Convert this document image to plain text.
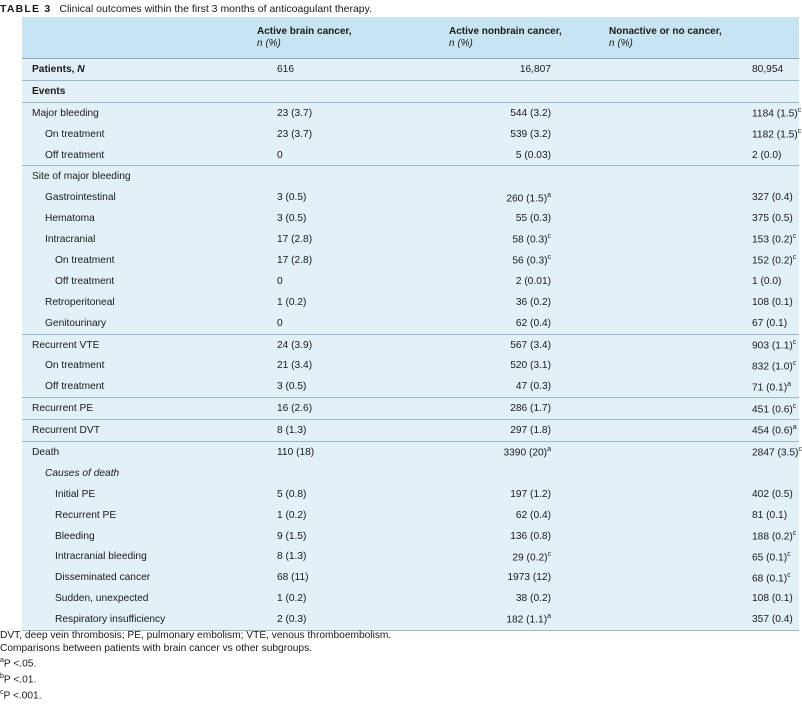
TABLE 3 Clinical outcomes within the first 3 months of anticoagulant therapy.
	Active brain cancer,
n (%)	Active nonbrain cancer,
n (%)	Nonactive or no cancer,
n (%)
Patients, N	616	16,807	80,954
Events			
Major bleeding	23 (3.7)	544 (3.2)	1184 $(1.5)^c$
On treatment	23 (3.7)	539 (3.2)	1182 $(1.5)^c$
Off treatment	0	5 (0.03)	2 (0.0)
Site of major bleeding			
Gastrointestinal	3 (0.5)	260 $(1.5)^a$	327 (0.4)
Hematoma	3 (0.5)	55 (0.3)	375 (0.5)
Intracranial	17 (2.8)	58 $(0.3)^c$	153 $(0.2)^c$
On treatment	17 (2.8)	56 $(0.3)^c$	152 $(0.2)^c$
Off treatment	0	2 (0.01)	1 (0.0)
Retroperitoneal	1 (0.2)	36 (0.2)	108 (0.1)
Genitourinary	0	62 (0.4)	67 (0.1)
Recurrent VTE	24 (3.9)	567 (3.4)	903 $(1.1)^c$
On treatment	21 (3.4)	520 (3.1)	832 $(1.0)^c$
Off treatment	3 (0.5)	47 (0.3)	71 $(0.1)^a$
Recurrent PE	16 (2.6)	286 (1.7)	451 $(0.6)^c$
Recurrent DVT	8 (1.3)	297 (1.8)	454 $(0.6)^a$
Death	110 (18)	3390 $(20)^a$	2847 $(3.5)^c$
Causes of death			
Initial PE	5 (0.8)	197 (1.2)	402 (0.5)
Recurrent PE	1 (0.2)	62 (0.4)	81 (0.1)
Bleeding	9 (1.5)	136 (0.8)	188 $(0.2)^c$
Intracranial bleeding	8 (1.3)	29 $(0.2)^c$	65 $(0.1)^c$
Disseminated cancer	68 (11)	1973 (12)	68 $(0.1)^c$
Sudden, unexpected	1 (0.2)	38 (0.2)	108 (0.1)
Respiratory insufficiency	2 (0.3)	182 $(1.1)^a$	357 (0.4)
DVT, deep vein thrombosis; PE, pulmonary embolism; VTE, venous thromboembolism.
Comparisons between patients with brain cancer vs other subgroups.
$^a$P <.05.
$^b$P <.01.
$^c$P <.001.
